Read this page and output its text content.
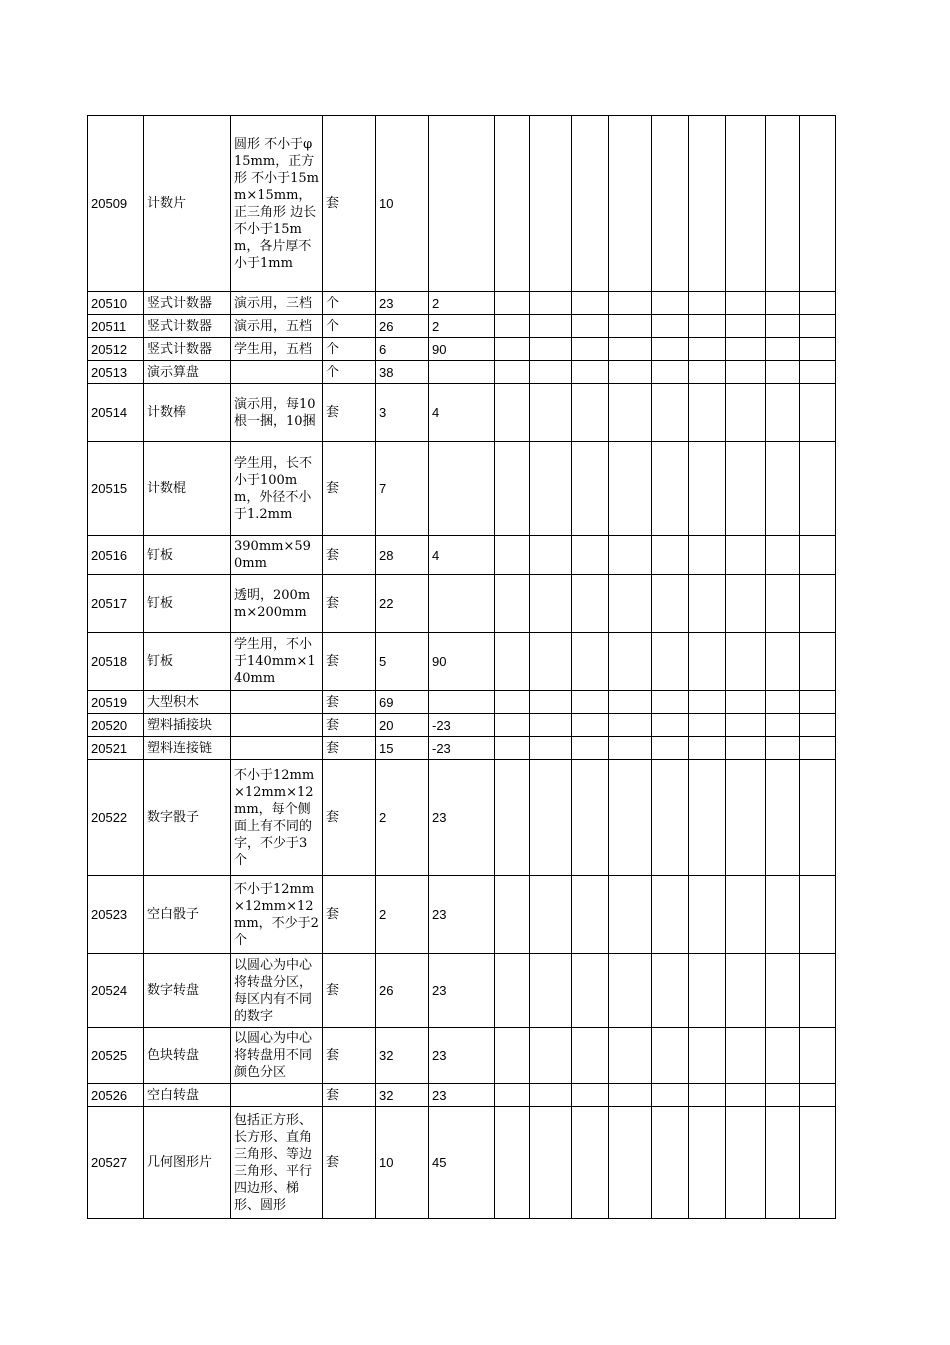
20509	计数片	圆形 不小于φ15mm，正方形 不小于15mm×15mm，正三角形 边长不小于15mm，各片厚不小于1mm	套	10										
20510	竖式计数器	演示用，三档	个	23	2									
20511	竖式计数器	演示用，五档	个	26	2									
20512	竖式计数器	学生用，五档	个	6	90									
20513	演示算盘		个	38										
20514	计数棒	演示用，每10根一捆，10捆	套	3	4									
20515	计数棍	学生用，长不小于100mm，外径不小于1.2mm	套	7										
20516	钉板	390mm×590mm	套	28	4									
20517	钉板	透明，200mm×200mm	套	22										
20518	钉板	学生用，不小于140mm×140mm	套	5	90									
20519	大型积木		套	69										
20520	塑料插接块		套	20	-23									
20521	塑料连接链		套	15	-23									
20522	数字骰子	不小于12mm×12mm×12mm，每个侧面上有不同的字，不少于3个	套	2	23									
20523	空白骰子	不小于12mm×12mm×12mm，不少于2个	套	2	23									
20524	数字转盘	以圆心为中心将转盘分区，每区内有不同的数字	套	26	23									
20525	色块转盘	以圆心为中心将转盘用不同颜色分区	套	32	23									
20526	空白转盘		套	32	23									
20527	几何图形片	包括正方形、长方形、直角三角形、等边三角形、平行四边形、梯形、圆形	套	10	45									
